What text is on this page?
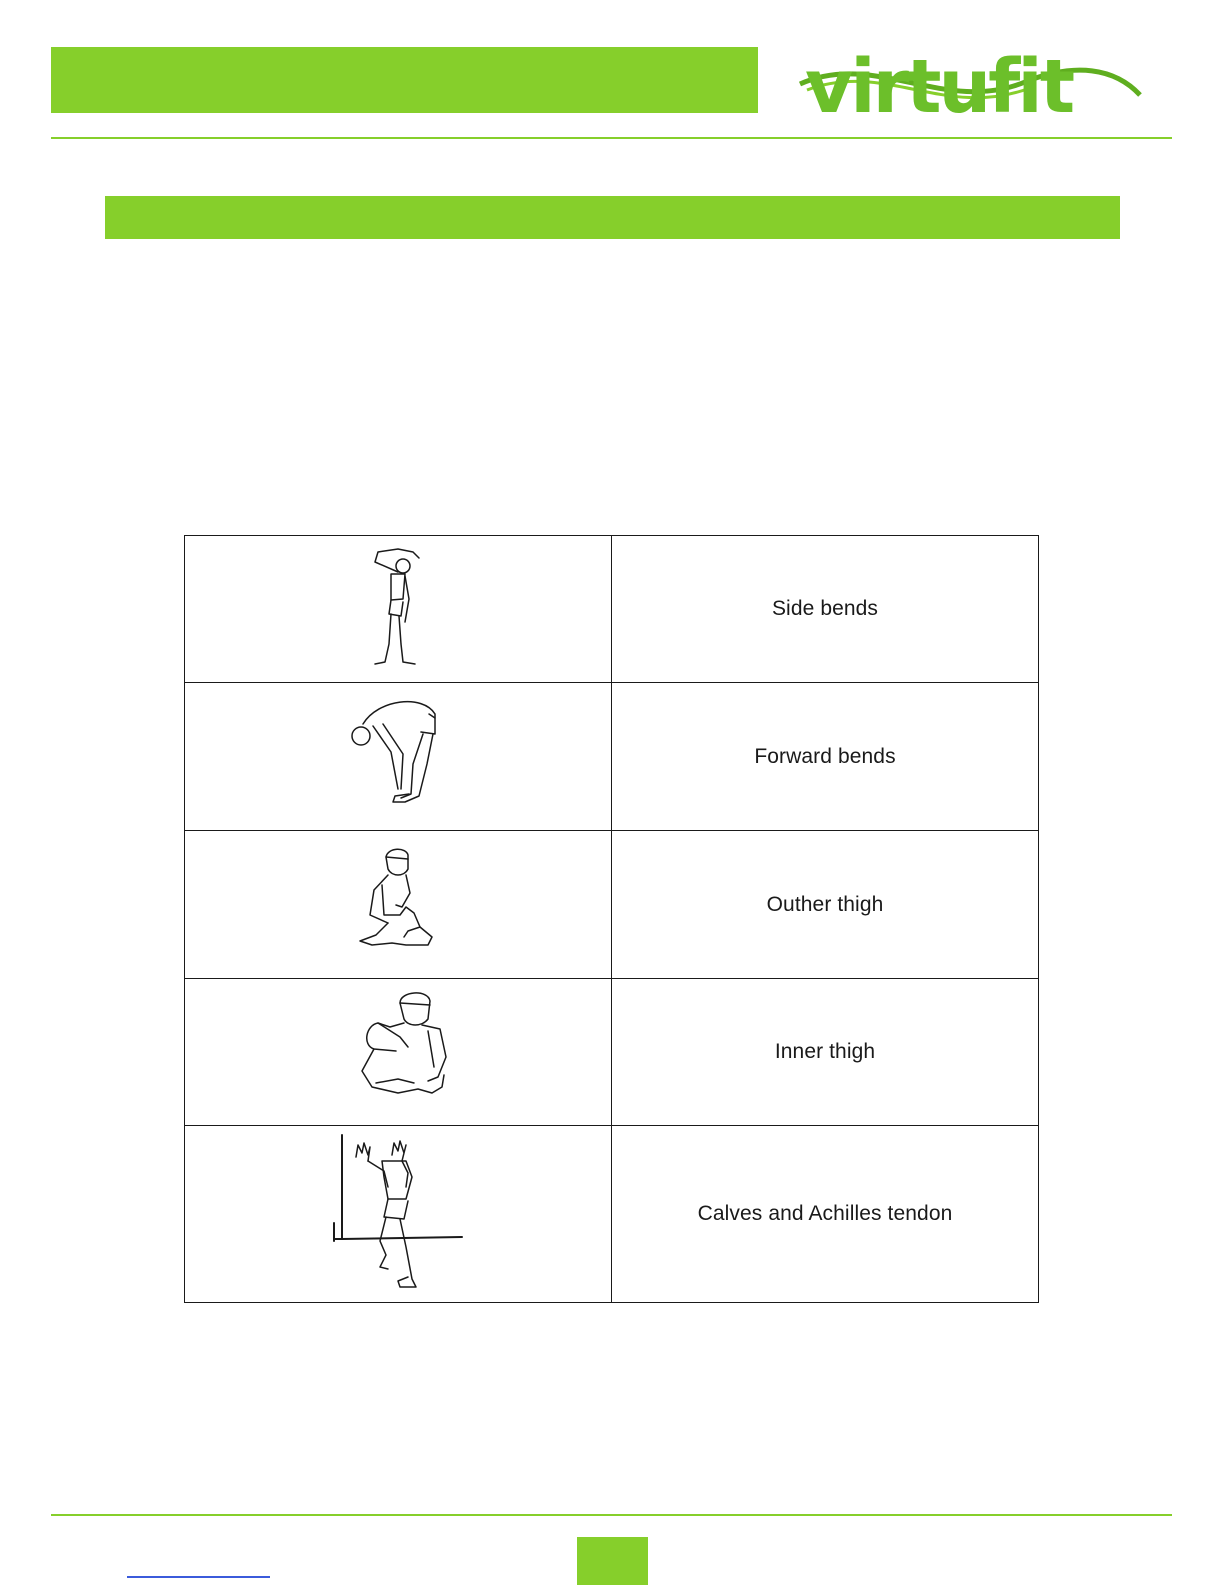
virtufit
	Side bends
	Forward bends
	Outher thigh
	Inner thigh
	Calves and Achilles tendon
